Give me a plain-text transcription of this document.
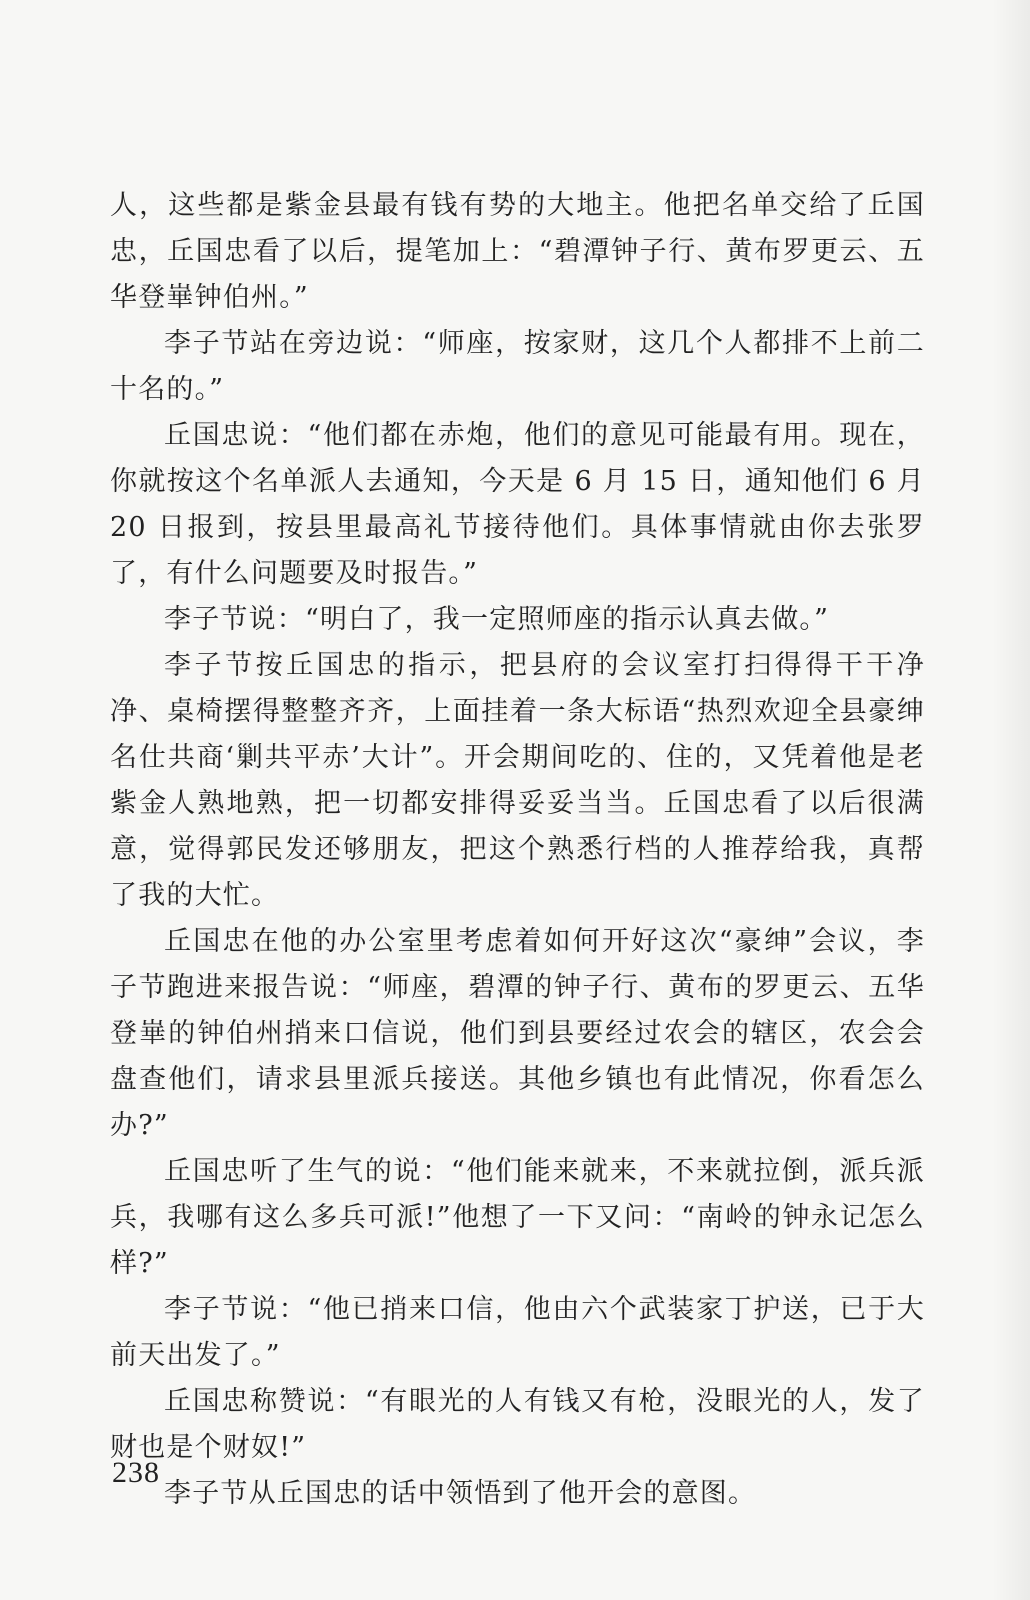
人，这些都是紫金县最有钱有势的大地主。他把名单交给了丘国忠，丘国忠看了以后，提笔加上：“碧潭钟子行、黄布罗更云、五华登崋钟伯州。”

李子节站在旁边说：“师座，按家财，这几个人都排不上前二十名的。”

丘国忠说：“他们都在赤炮，他们的意见可能最有用。现在，你就按这个名单派人去通知，今天是 6 月 15 日，通知他们 6 月 20 日报到，按县里最高礼节接待他们。具体事情就由你去张罗了，有什么问题要及时报告。”

李子节说：“明白了，我一定照师座的指示认真去做。”

李子节按丘国忠的指示，把县府的会议室打扫得得干干净净、桌椅摆得整整齐齐，上面挂着一条大标语“热烈欢迎全县豪绅名仕共商‘剿共平赤’大计”。开会期间吃的、住的，又凭着他是老紫金人熟地熟，把一切都安排得妥妥当当。丘国忠看了以后很满意，觉得郭民发还够朋友，把这个熟悉行档的人推荐给我，真帮了我的大忙。

丘国忠在他的办公室里考虑着如何开好这次“豪绅”会议，李子节跑进来报告说：“师座，碧潭的钟子行、黄布的罗更云、五华登崋的钟伯州捎来口信说，他们到县要经过农会的辖区，农会会盘查他们，请求县里派兵接送。其他乡镇也有此情况，你看怎么办?”

丘国忠听了生气的说：“他们能来就来，不来就拉倒，派兵派兵，我哪有这么多兵可派!”他想了一下又问：“南岭的钟永记怎么样?”

李子节说：“他已捎来口信，他由六个武装家丁护送，已于大前天出发了。”

丘国忠称赞说：“有眼光的人有钱又有枪，没眼光的人，发了财也是个财奴!”

李子节从丘国忠的话中领悟到了他开会的意图。

238
